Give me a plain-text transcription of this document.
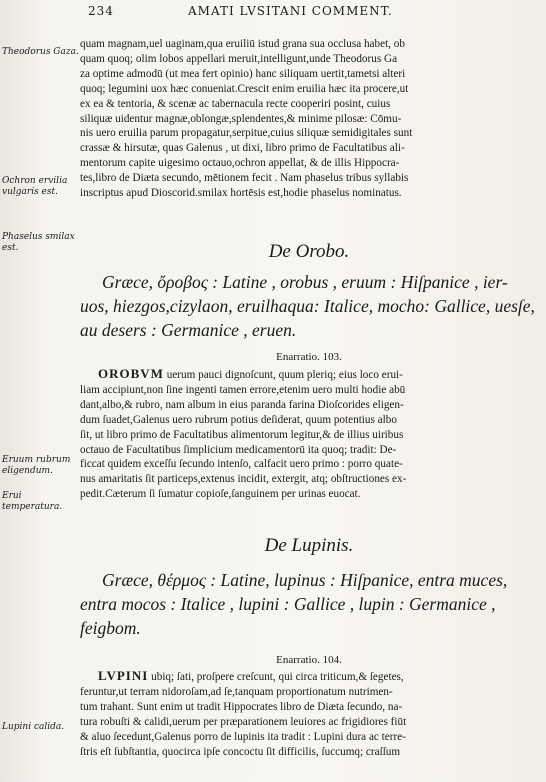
234	AMATI LVSITANI COMMENT.
Theodorus Gaza.
Ochron ervilia vulgaris est.
Phaselus smilax est.
Eruum rubrum eligendum.
Erui temperatura.
Lupini calida.

quam magnam,uel uaginam,qua eruiliū istud grana sua occlusa habet, ob

quam quoq; olim lobos appellari meruit,intelligunt,unde Theodorus Ga

za optime admodū (ut mea fert opinio) hanc siliquam uertit,tametsi alteri

quoq; legumini uox hæc conueniat.Crescit enim eruilia hæc ita procere,ut

ex ea & tentoria, & scenæ ac tabernacula recte cooperiri posint, cuius

siliquæ uidentur magnæ,oblongæ,splendentes,& minime pilosæ: Cōmu-

nis uero eruilia parum propagatur,serpitue,cuius siliquæ semidigitales sunt

crassæ & hirsutæ, quas Galenus , ut dixi, libro primo de Facultatibus ali-

mentorum capite uigesimo octauo,ochron appellat, & de illis Hippocra-

tes,libro de Diæta secundo, mētionem fecit . Nam phaselus tribus syllabis

inscriptus apud Dioscorid.smilax hortēsis est,hodie phaselus nominatus.

De Orobo.

Græce, ὄροβος : Latine , orobus , eruum : Hiſpanice , ier-

uos, hiezgos,cizylaon, eruilhaqua: Italice, mocho: Gallice, uesſe,

au desers : Germanice , eruen.

Enarratio. 103.

OROBVM uerum pauci dignoſcunt, quum pleriq; eius loco erui-

liam accipiunt,non ſine ingenti tamen errore,etenim uero multi hodie abū

dant,albo,& rubro, nam album in eius paranda farina Dioſcorides eligen-

dum ſuadet,Galenus uero rubrum potius deſiderat, quum potentius albo

ſit, ut libro primo de Facultatibus alimentorum legitur,& de illius uiribus

octauo de Facultatibus ſimplicium medicamentorū ita quoq; tradit: De-

ficcat quidem exceſſu ſecundo intenſo, calfacit uero primo : porro quate-

nus amaritatis ſit particeps,extenus incidit, extergit, atq; obſtructiones ex-

pedit.Cæterum ſi ſumatur copioſe,ſanguinem per urinas euocat.

De Lupinis.

Græce, θέρμος : Latine, lupinus : Hiſpanice, entra muces,

entra mocos : Italice , lupini : Gallice , lupin : Germanice ,

feigbom.

Enarratio. 104.

LVPINI ubiq; ſati, proſpere creſcunt, qui circa triticum,& ſegetes,

feruntur,ut terram nidoroſam,ad ſe,tanquam proportionatum nutrimen-

tum trahant. Sunt enim ut tradit Hippocrates libro de Diæta ſecundo, na-

tura robuſti & calidi,uerum per præparationem leuiores ac frigidiores fiūt

& aluo ſecedunt,Galenus porro de lupinis ita tradit : Lupini dura ac terre-

ſtris eſt ſubſtantia, quocirca ipſe concoctu ſit difficilis, ſuccumq; craſſum
